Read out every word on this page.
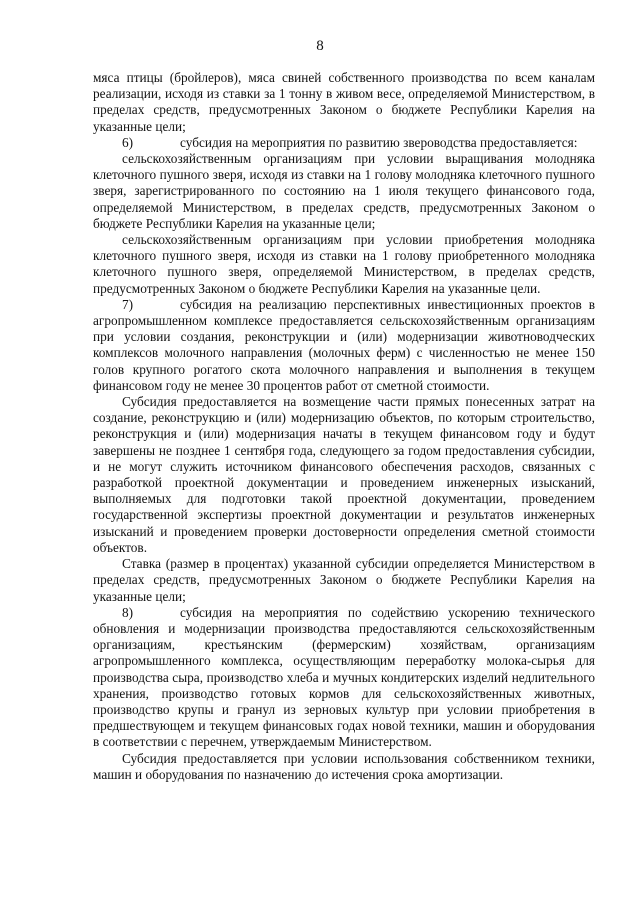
8

мяса птицы (бройлеров), мяса свиней собственного производства по всем каналам реализации, исходя из ставки за 1 тонну в живом весе, определяемой Министерством, в пределах средств, предусмотренных Законом о бюджете Республики Карелия на указанные цели;

6)	субсидия на мероприятия по развитию звероводства предоставляется:

сельскохозяйственным организациям при условии выращивания молодняка клеточного пушного зверя, исходя из ставки на 1 голову молодняка клеточного пушного зверя, зарегистрированного по состоянию на 1 июля текущего финансового года, определяемой Министерством, в пределах средств, предусмотренных Законом о бюджете Республики Карелия на указанные цели;

сельскохозяйственным организациям при условии приобретения молодняка клеточного пушного зверя, исходя из ставки на 1 голову приобретенного молодняка клеточного пушного зверя, определяемой Министерством, в пределах средств, предусмотренных Законом о бюджете Республики Карелия на указанные цели.

7)	субсидия на реализацию перспективных инвестиционных проектов в агропромышленном комплексе предоставляется сельскохозяйственным организациям при условии создания, реконструкции и (или) модернизации животноводческих комплексов молочного направления (молочных ферм) с численностью не менее 150 голов крупного рогатого скота молочного направления и выполнения в текущем финансовом году не менее 30 процентов работ от сметной стоимости.

Субсидия предоставляется на возмещение части прямых понесенных затрат на создание, реконструкцию и (или) модернизацию объектов, по которым строительство, реконструкция и (или) модернизация начаты в текущем финансовом году и будут завершены не позднее 1 сентября года, следующего за годом предоставления субсидии, и не могут служить источником финансового обеспечения расходов, связанных с разработкой проектной документации и проведением инженерных изысканий, выполняемых для подготовки такой проектной документации, проведением государственной экспертизы проектной документации и результатов инженерных изысканий и проведением проверки достоверности определения сметной стоимости объектов.

Ставка (размер в процентах) указанной субсидии определяется Министерством в пределах средств, предусмотренных Законом о бюджете Республики Карелия на указанные цели;

8)	субсидия на мероприятия по содействию ускорению технического обновления и модернизации производства предоставляются сельскохозяйственным организациям, крестьянским (фермерским) хозяйствам, организациям агропромышленного комплекса, осуществляющим переработку молока-сырья для производства сыра, производство хлеба и мучных кондитерских изделий недлительного хранения, производство готовых кормов для сельскохозяйственных животных, производство крупы и гранул из зерновых культур при условии приобретения в предшествующем и текущем финансовых годах новой техники, машин и оборудования в соответствии с перечнем, утверждаемым Министерством.

Субсидия предоставляется при условии использования собственником техники, машин и оборудования по назначению до истечения срока амортизации.
